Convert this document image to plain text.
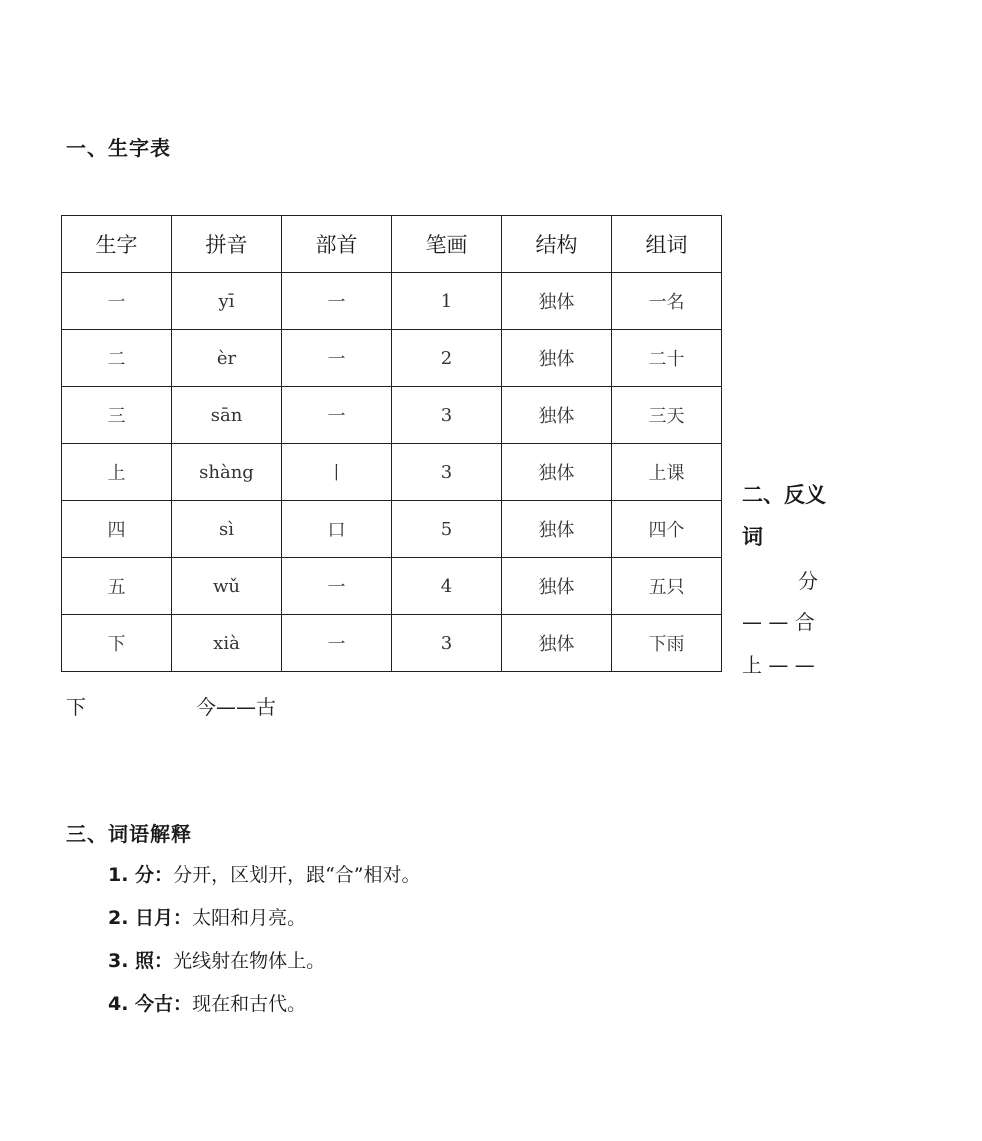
一、生字表
生字	拼音	部首	笔画	结构	组词
一	yī	一	1	独体	一名
二	èr	一	2	独体	二十
三	sān	一	3	独体	三天
上	shàng	丨	3	独体	上课
四	sì	口	5	独体	四个
五	wǔ	一	4	独体	五只
下	xià	一	3	独体	下雨
二、反义
词
分
— — 合
上 — —
下	今——古
三、词语解释
1. 分：分开，区划开，跟“合”相对。
2. 日月：太阳和月亮。
3. 照：光线射在物体上。
4. 今古：现在和古代。
